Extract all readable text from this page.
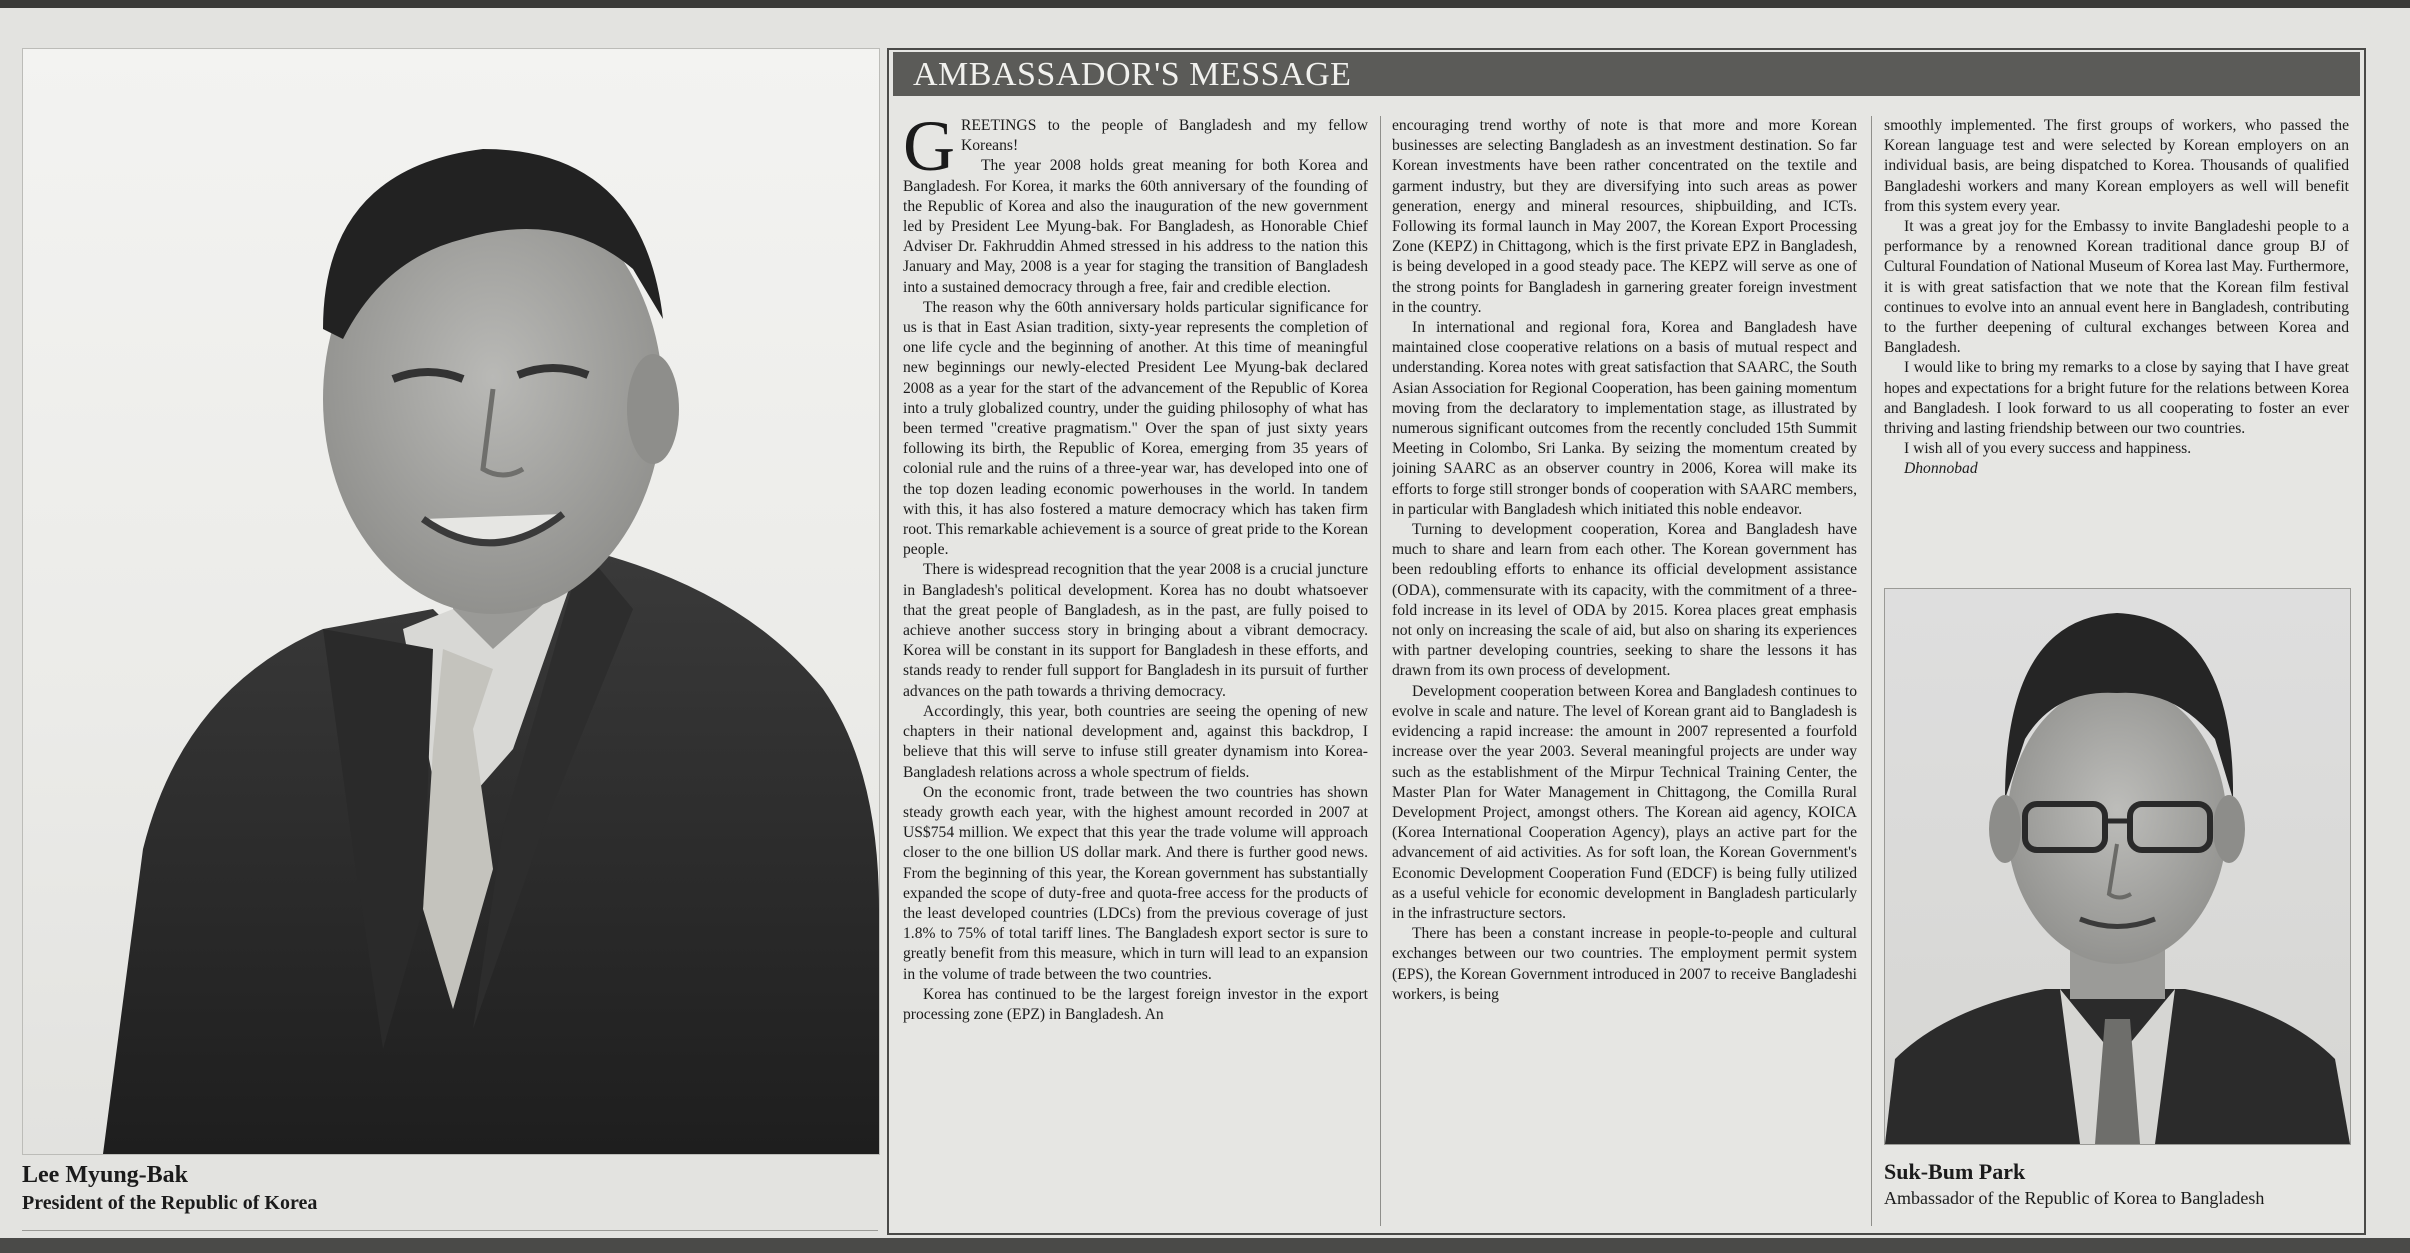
Lee Myung-Bak
President of the Republic of Korea
AMBASSADOR'S MESSAGE

GREETINGS to the people of Bangladesh and my fellow Koreans!

The year 2008 holds great meaning for both Korea and Bangladesh. For Korea, it marks the 60th anniversary of the founding of the Republic of Korea and also the inauguration of the new government led by President Lee Myung-bak. For Bangladesh, as Honorable Chief Adviser Dr. Fakhruddin Ahmed stressed in his address to the nation this January and May, 2008 is a year for staging the transition of Bangladesh into a sustained democracy through a free, fair and credible election.

The reason why the 60th anniversary holds particular significance for us is that in East Asian tradition, sixty-year represents the completion of one life cycle and the beginning of another. At this time of meaningful new beginnings our newly-elected President Lee Myung-bak declared 2008 as a year for the start of the advancement of the Republic of Korea into a truly globalized country, under the guiding philosophy of what has been termed "creative pragmatism." Over the span of just sixty years following its birth, the Republic of Korea, emerging from 35 years of colonial rule and the ruins of a three-year war, has developed into one of the top dozen leading economic powerhouses in the world. In tandem with this, it has also fostered a mature democracy which has taken firm root. This remarkable achievement is a source of great pride to the Korean people.

There is widespread recognition that the year 2008 is a crucial juncture in Bangladesh's political development. Korea has no doubt whatsoever that the great people of Bangladesh, as in the past, are fully poised to achieve another success story in bringing about a vibrant democracy. Korea will be constant in its support for Bangladesh in these efforts, and stands ready to render full support for Bangladesh in its pursuit of further advances on the path towards a thriving democracy.

Accordingly, this year, both countries are seeing the opening of new chapters in their national development and, against this backdrop, I believe that this will serve to infuse still greater dynamism into Korea-Bangladesh relations across a whole spectrum of fields.

On the economic front, trade between the two countries has shown steady growth each year, with the highest amount recorded in 2007 at US$754 million. We expect that this year the trade volume will approach closer to the one billion US dollar mark. And there is further good news. From the beginning of this year, the Korean government has substantially expanded the scope of duty-free and quota-free access for the products of the least developed countries (LDCs) from the previous coverage of just 1.8% to 75% of total tariff lines. The Bangladesh export sector is sure to greatly benefit from this measure, which in turn will lead to an expansion in the volume of trade between the two countries.

Korea has continued to be the largest foreign investor in the export processing zone (EPZ) in Bangladesh. An

encouraging trend worthy of note is that more and more Korean businesses are selecting Bangladesh as an investment destination. So far Korean investments have been rather concentrated on the textile and garment industry, but they are diversifying into such areas as power generation, energy and mineral resources, shipbuilding, and ICTs. Following its formal launch in May 2007, the Korean Export Processing Zone (KEPZ) in Chittagong, which is the first private EPZ in Bangladesh, is being developed in a good steady pace. The KEPZ will serve as one of the strong points for Bangladesh in garnering greater foreign investment in the country.

In international and regional fora, Korea and Bangladesh have maintained close cooperative relations on a basis of mutual respect and understanding. Korea notes with great satisfaction that SAARC, the South Asian Association for Regional Cooperation, has been gaining momentum moving from the declaratory to implementation stage, as illustrated by numerous significant outcomes from the recently concluded 15th Summit Meeting in Colombo, Sri Lanka. By seizing the momentum created by joining SAARC as an observer country in 2006, Korea will make its efforts to forge still stronger bonds of cooperation with SAARC members, in particular with Bangladesh which initiated this noble endeavor.

Turning to development cooperation, Korea and Bangladesh have much to share and learn from each other. The Korean government has been redoubling efforts to enhance its official development assistance (ODA), commensurate with its capacity, with the commitment of a three-fold increase in its level of ODA by 2015. Korea places great emphasis not only on increasing the scale of aid, but also on sharing its experiences with partner developing countries, seeking to share the lessons it has drawn from its own process of development.

Development cooperation between Korea and Bangladesh continues to evolve in scale and nature. The level of Korean grant aid to Bangladesh is evidencing a rapid increase: the amount in 2007 represented a fourfold increase over the year 2003. Several meaningful projects are under way such as the establishment of the Mirpur Technical Training Center, the Master Plan for Water Management in Chittagong, the Comilla Rural Development Project, amongst others. The Korean aid agency, KOICA (Korea International Cooperation Agency), plays an active part for the advancement of aid activities. As for soft loan, the Korean Government's Economic Development Cooperation Fund (EDCF) is being fully utilized as a useful vehicle for economic development in Bangladesh particularly in the infrastructure sectors.

There has been a constant increase in people-to-people and cultural exchanges between our two countries. The employment permit system (EPS), the Korean Government introduced in 2007 to receive Bangladeshi workers, is being

smoothly implemented. The first groups of workers, who passed the Korean language test and were selected by Korean employers on an individual basis, are being dispatched to Korea. Thousands of qualified Bangladeshi workers and many Korean employers as well will benefit from this system every year.

It was a great joy for the Embassy to invite Bangladeshi people to a performance by a renowned Korean traditional dance group BJ of Cultural Foundation of National Museum of Korea last May. Furthermore, it is with great satisfaction that we note that the Korean film festival continues to evolve into an annual event here in Bangladesh, contributing to the further deepening of cultural exchanges between Korea and Bangladesh.

I would like to bring my remarks to a close by saying that I have great hopes and expectations for a bright future for the relations between Korea and Bangladesh. I look forward to us all cooperating to foster an ever thriving and lasting friendship between our two countries.

I wish all of you every success and happiness.

Dhonnobad

Suk-Bum Park
Ambassador of the Republic of Korea to Bangladesh
